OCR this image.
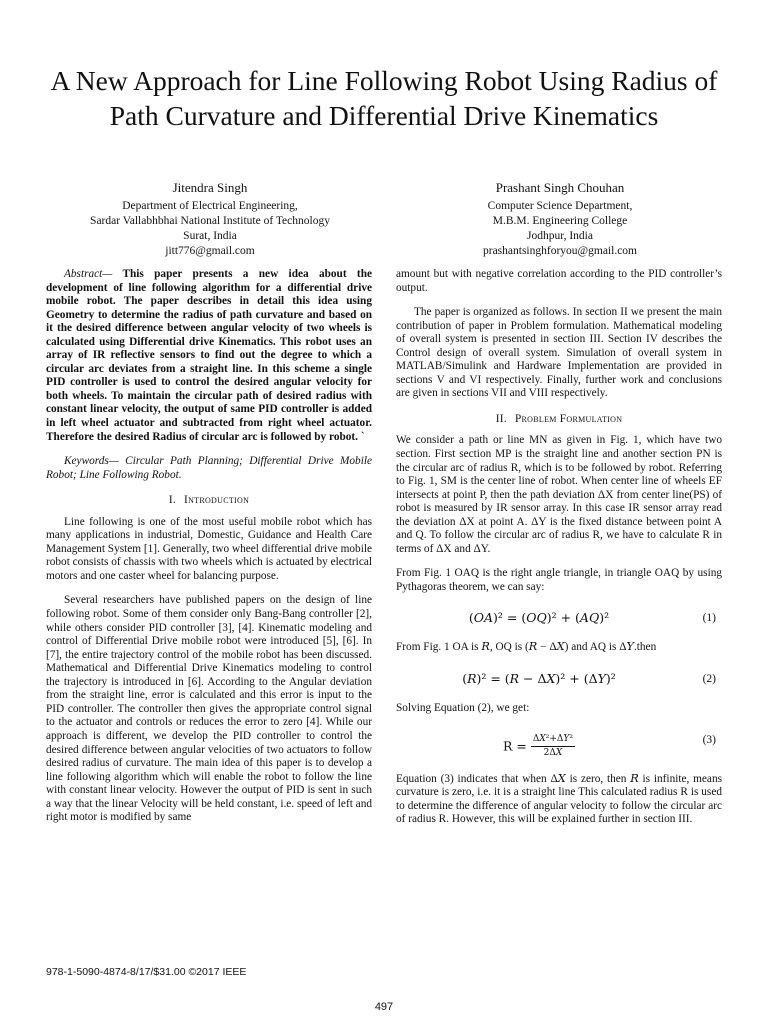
A New Approach for Line Following Robot Using Radius of Path Curvature and Differential Drive Kinematics
Jitendra Singh
Department of Electrical Engineering,
Sardar Vallabhbhai National Institute of Technology
Surat, India
jitt776@gmail.com
Prashant Singh Chouhan
Computer Science Department,
M.B.M. Engineering College
Jodhpur, India
prashantsinghforyou@gmail.com

Abstract— This paper presents a new idea about the development of line following algorithm for a differential drive mobile robot. The paper describes in detail this idea using Geometry to determine the radius of path curvature and based on it the desired difference between angular velocity of two wheels is calculated using Differential drive Kinematics. This robot uses an array of IR reflective sensors to find out the degree to which a circular arc deviates from a straight line. In this scheme a single PID controller is used to control the desired angular velocity for both wheels. To maintain the circular path of desired radius with constant linear velocity, the output of same PID controller is added in left wheel actuator and subtracted from right wheel actuator. Therefore the desired Radius of circular arc is followed by robot. `

Keywords— Circular Path Planning; Differential Drive Mobile Robot; Line Following Robot.

I. Introduction

Line following is one of the most useful mobile robot which has many applications in industrial, Domestic, Guidance and Health Care Management System [1]. Generally, two wheel differential drive mobile robot consists of chassis with two wheels which is actuated by electrical motors and one caster wheel for balancing purpose.

Several researchers have published papers on the design of line following robot. Some of them consider only Bang-Bang controller [2], while others consider PID controller [3], [4]. Kinematic modeling and control of Differential Drive mobile robot were introduced [5], [6]. In [7], the entire trajectory control of the mobile robot has been discussed. Mathematical and Differential Drive Kinematics modeling to control the trajectory is introduced in [6]. According to the Angular deviation from the straight line, error is calculated and this error is input to the PID controller. The controller then gives the appropriate control signal to the actuator and controls or reduces the error to zero [4]. While our approach is different, we develop the PID controller to control the desired difference between angular velocities of two actuators to follow desired radius of curvature. The main idea of this paper is to develop a line following algorithm which will enable the robot to follow the line with constant linear velocity. However the output of PID is sent in such a way that the linear Velocity will be held constant, i.e. speed of left and right motor is modified by same

amount but with negative correlation according to the PID controller’s output.

The paper is organized as follows. In section II we present the main contribution of paper in Problem formulation. Mathematical modeling of overall system is presented in section III. Section IV describes the Control design of overall system. Simulation of overall system in MATLAB/Simulink and Hardware Implementation are provided in sections V and VI respectively. Finally, further work and conclusions are given in sections VII and VIII respectively.

II. Problem Formulation

We consider a path or line MN as given in Fig. 1, which have two section. First section MP is the straight line and another section PN is the circular arc of radius R, which is to be followed by robot. Referring to Fig. 1, SM is the center line of robot. When center line of wheels EF intersects at point P, then the path deviation ΔX from center line(PS) of robot is measured by IR sensor array. In this case IR sensor array read the deviation ΔX at point A. ΔY is the fixed distance between point A and Q. To follow the circular arc of radius R, we have to calculate R in terms of ΔX and ΔY.

From Fig. 1 OAQ is the right angle triangle, in triangle OAQ by using Pythagoras theorem, we can say:

(𝑂𝐴)² = (𝑂𝑄)² + (𝐴𝑄)²	(1)

From Fig. 1 OA is 𝑅, OQ is (𝑅 − Δ𝑋) and AQ is Δ𝑌.then

(𝑅)² = (𝑅 − Δ𝑋)² + (Δ𝑌)²	(2)

Solving Equation (2), we get:

$R = \frac{\text{Δ𝑋²+Δ𝑌²}}{\text{2Δ𝑋}}$	(3)

Equation (3) indicates that when Δ𝑋 is zero, then 𝑅 is infinite, means curvature is zero, i.e. it is a straight line This calculated radius R is used to determine the difference of angular velocity to follow the circular arc of radius R. However, this will be explained further in section III.

978-1-5090-4874-8/17/$31.00 ©2017 IEEE
497
